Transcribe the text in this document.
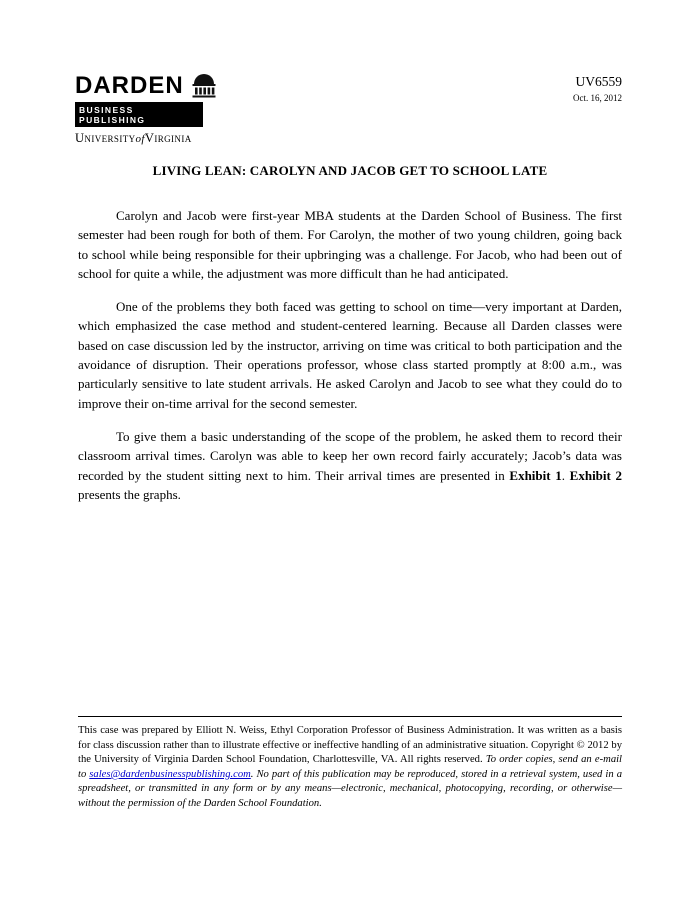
DARDEN
BUSINESS PUBLISHING
UniversityofVirginia
UV6559
Oct. 16, 2012
LIVING LEAN: CAROLYN AND JACOB GET TO SCHOOL LATE

Carolyn and Jacob were first-year MBA students at the Darden School of Business. The first semester had been rough for both of them. For Carolyn, the mother of two young children, going back to school while being responsible for their upbringing was a challenge. For Jacob, who had been out of school for quite a while, the adjustment was more difficult than he had anticipated.

One of the problems they both faced was getting to school on time—very important at Darden, which emphasized the case method and student-centered learning. Because all Darden classes were based on case discussion led by the instructor, arriving on time was critical to both participation and the avoidance of disruption. Their operations professor, whose class started promptly at 8:00 a.m., was particularly sensitive to late student arrivals. He asked Carolyn and Jacob to see what they could do to improve their on-time arrival for the second semester.

To give them a basic understanding of the scope of the problem, he asked them to record their classroom arrival times. Carolyn was able to keep her own record fairly accurately; Jacob’s data was recorded by the student sitting next to him. Their arrival times are presented in Exhibit 1. Exhibit 2 presents the graphs.

This case was prepared by Elliott N. Weiss, Ethyl Corporation Professor of Business Administration. It was written as a basis for class discussion rather than to illustrate effective or ineffective handling of an administrative situation. Copyright © 2012 by the University of Virginia Darden School Foundation, Charlottesville, VA. All rights reserved. To order copies, send an e-mail to sales@dardenbusinesspublishing.com. No part of this publication may be reproduced, stored in a retrieval system, used in a spreadsheet, or transmitted in any form or by any means—electronic, mechanical, photocopying, recording, or otherwise—without the permission of the Darden School Foundation.
